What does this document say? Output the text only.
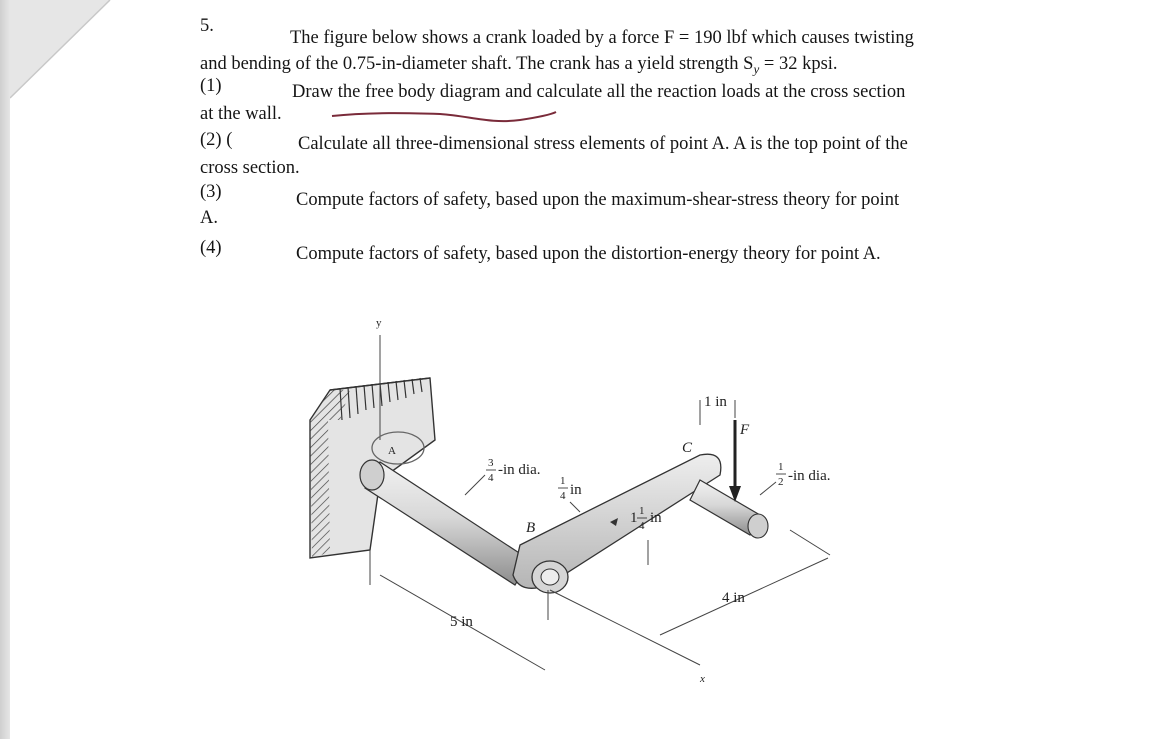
5.
The figure below shows a crank loaded by a force F = 190 lbf which causes twisting
and bending of the 0.75-in-diameter shaft. The crank has a yield strength $S_y = 32$ kpsi.
(1)	Draw the free body diagram and calculate all the reaction loads at the cross section
at the wall.
(2) (	Calculate all three-dimensional stress elements of point A. A is the top point of the
cross section.
(3)	Compute factors of safety, based upon the maximum-shear-stress theory for point
A.
(4)	Compute factors of safety, based upon the distortion-energy theory for point A.
y
A
F
1 in
C
B
3
4 -in dia.
1
4 in
1 1
4 in
1
2 -in dia.
4 in
5 in
x
